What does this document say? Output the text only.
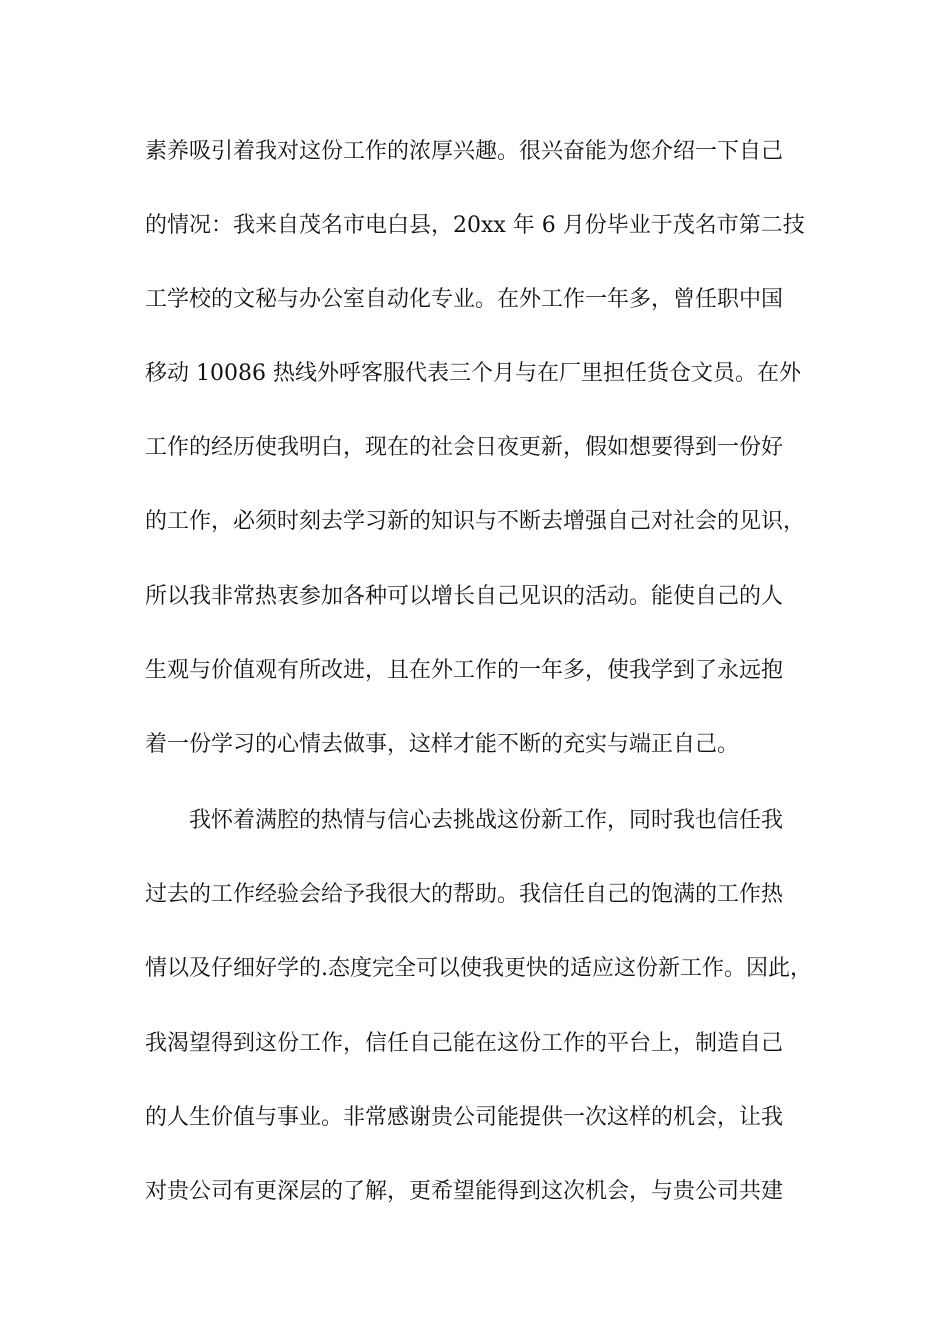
素养吸引着我对这份工作的浓厚兴趣。很兴奋能为您介绍一下自己
的情况：我来自茂名市电白县，20xx 年 6 月份毕业于茂名市第二技
工学校的文秘与办公室自动化专业。在外工作一年多，曾任职中国
移动 10086 热线外呼客服代表三个月与在厂里担任货仓文员。在外
工作的经历使我明白，现在的社会日夜更新，假如想要得到一份好
的工作，必须时刻去学习新的知识与不断去增强自己对社会的见识，
所以我非常热衷参加各种可以增长自己见识的活动。能使自己的人
生观与价值观有所改进，且在外工作的一年多，使我学到了永远抱
着一份学习的心情去做事，这样才能不断的充实与端正自己。
我怀着满腔的热情与信心去挑战这份新工作，同时我也信任我
过去的工作经验会给予我很大的帮助。我信任自己的饱满的工作热
情以及仔细好学的.态度完全可以使我更快的适应这份新工作。因此，
我渴望得到这份工作，信任自己能在这份工作的平台上，制造自己
的人生价值与事业。非常感谢贵公司能提供一次这样的机会，让我
对贵公司有更深层的了解，更希望能得到这次机会，与贵公司共建
